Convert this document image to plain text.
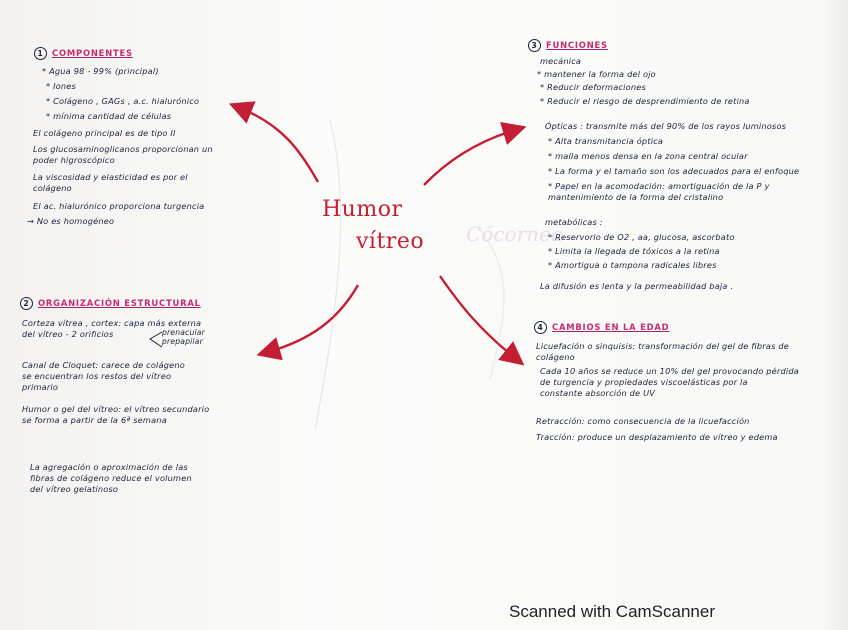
Cócornea
Humor
vítreo
1 COMPONENTES
* Agua 98 - 99% (principal)
* Iones
* Colágeno , GAGs , a.c. hialurónico
* mínima cantidad de células
El colágeno principal es de tipo II
Los glucosaminoglicanos proporcionan un
poder higroscópico
La viscosidad y elasticidad es por el
colágeno
El ac. hialurónico proporciona turgencia
→ No es homogéneo
2 ORGANIZACIÓN ESTRUCTURAL
Corteza vítrea , cortex: capa más externa
del vítreo - 2 orificios	prenacular
prepapilar
Canal de Cloquet: carece de colágeno
se encuentran los restos del vítreo
primario
Humor o gel del vítreo: el vítreo secundario
se forma a partir de la 6ª semana
La agregación o aproximación de las
fibras de colágeno reduce el volumen
del vítreo gelatinoso
3 FUNCIONES
mecánica
* mantener la forma del ojo
* Reducir deformaciones
* Reducir el riesgo de desprendimiento de retina
Ópticas : transmite más del 90% de los rayos luminosos
* Alta transmitancia óptica
* malla menos densa en la zona central ocular
* La forma y el tamaño son los adecuados para el enfoque
* Papel en la acomodación: amortiguación de la P y
mantenimiento de la forma del cristalino
metabólicas :
* Reservorio de O2 , aa, glucosa, ascorbato
* Limita la llegada de tóxicos a la retina
* Amortigua o tampona radicales libres
La difusión es lenta y la permeabilidad baja .
4 CAMBIOS EN LA EDAD
Licuefación o sinquisis: transformación del gel de fibras de
colágeno
Cada 10 años se reduce un 10% del gel provocando pérdida
de turgencia y propiedades viscoelásticas por la
constante absorción de UV
Retracción: como consecuencia de la licuefacción
Tracción: produce un desplazamiento de vítreo y edema
Scanned with CamScanner
